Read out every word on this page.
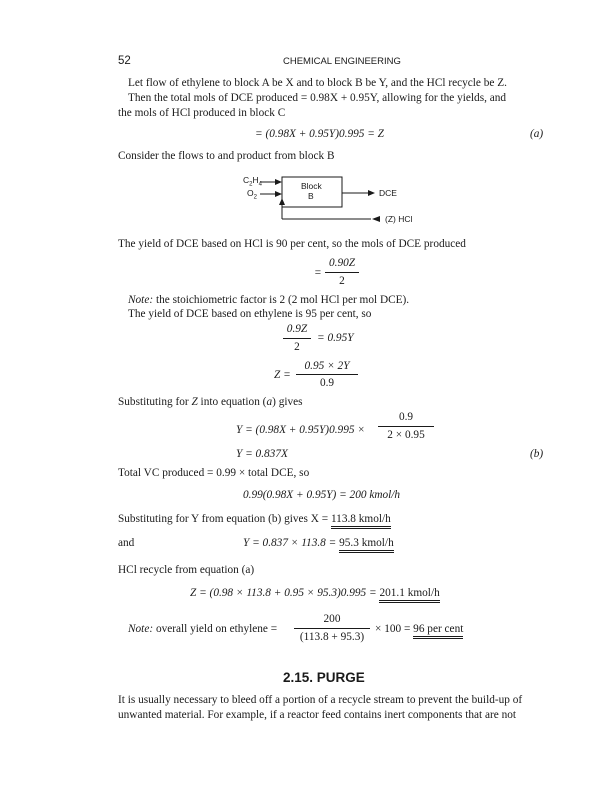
52	CHEMICAL ENGINEERING
Let flow of ethylene to block A be X and to block B be Y, and the HCl recycle be Z.
Then the total mols of DCE produced = 0.98X + 0.95Y, allowing for the yields, and
the mols of HCl produced in block C
= (0.98X + 0.95Y)0.995 = Z	(a)
Consider the flows to and product from block B
$C_2H_4$
$O_2$
Block
B	DCE
(Z) HCl
The yield of DCE based on HCl is 90 per cent, so the mols of DCE produced
=
0.90Z
2
Note: the stoichiometric factor is 2 (2 mol HCl per mol DCE).
The yield of DCE based on ethylene is 95 per cent, so
0.9Z
2
= 0.95Y
Z =
0.95 × 2Y
0.9
Substituting for Z into equation (a) gives
Y = (0.98X + 0.95Y)0.995 ×
0.9
2 × 0.95
Y = 0.837X	(b)
Total VC produced = 0.99 × total DCE, so
0.99(0.98X + 0.95Y) = 200 kmol/h
Substituting for Y from equation (b) gives X = 113.8 kmol/h
and	Y = 0.837 × 113.8 = 95.3 kmol/h
HCl recycle from equation (a)
Z = (0.98 × 113.8 + 0.95 × 95.3)0.995 = 201.1 kmol/h
Note: overall yield on ethylene =
200
(113.8 + 95.3)
× 100 = 96 per cent
2.15. PURGE
It is usually necessary to bleed off a portion of a recycle stream to prevent the build-up of
unwanted material. For example, if a reactor feed contains inert components that are not
